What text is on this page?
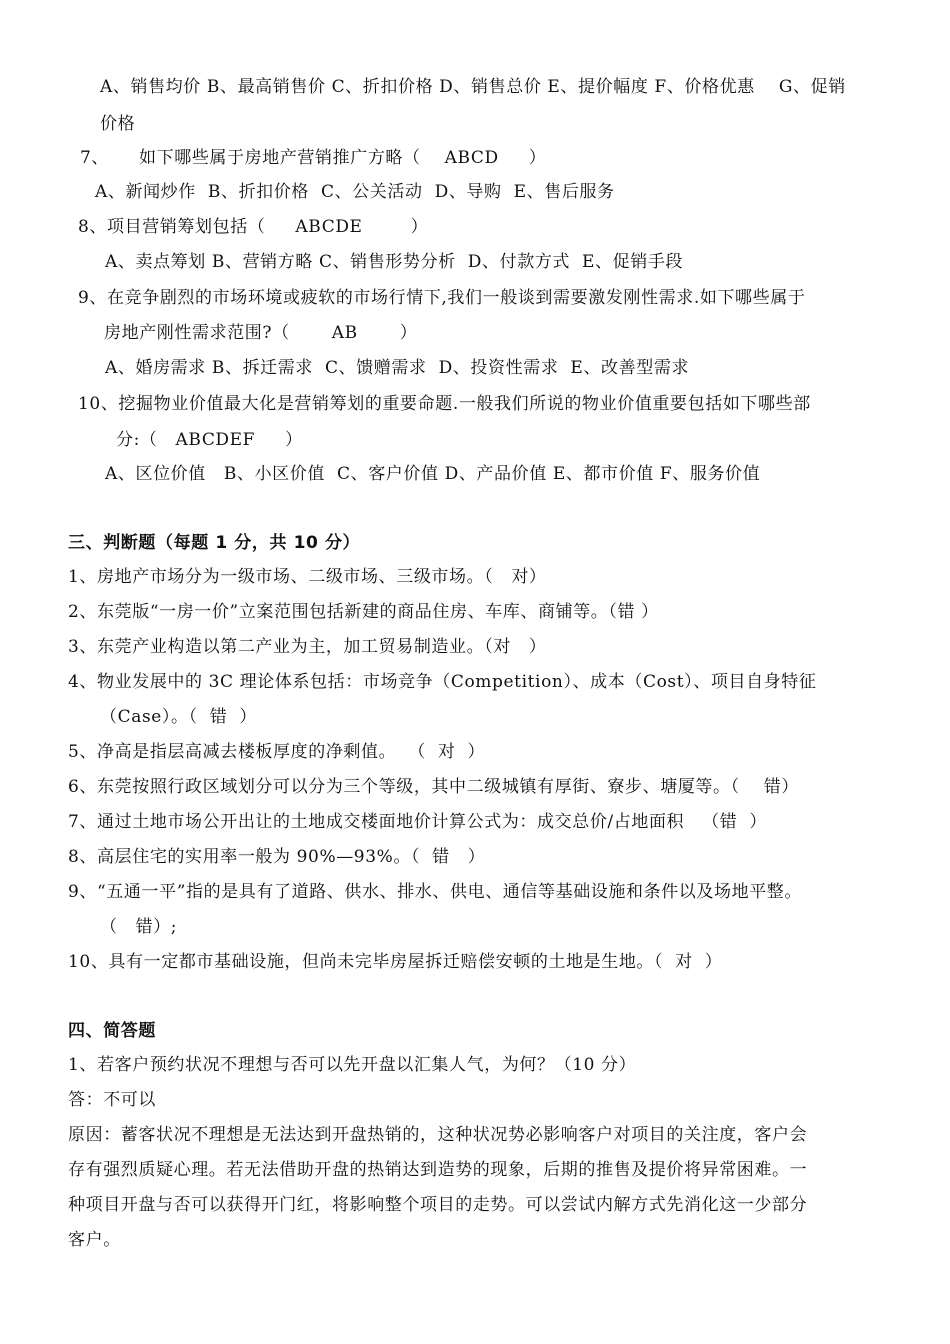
A、销售均价 B、最高销售价 C、折扣价格 D、销售总价 E、提价幅度 F、价格优惠    G、促销
价格
7、     如下哪些属于房地产营销推广方略（    ABCD     ）
A、新闻炒作  B、折扣价格  C、公关活动  D、导购  E、售后服务
8、项目营销筹划包括（     ABCDE        ）
A、卖点筹划 B、营销方略 C、销售形势分析  D、付款方式  E、促销手段
9、在竞争剧烈的市场环境或疲软的市场行情下,我们一般谈到需要激发刚性需求.如下哪些属于
房地产刚性需求范围?（       AB       ）
A、婚房需求 B、拆迁需求  C、馈赠需求  D、投资性需求  E、改善型需求
10、挖掘物业价值最大化是营销筹划的重要命题.一般我们所说的物业价值重要包括如下哪些部
分:（   ABCDEF     ）
A、区位价值   B、小区价值  C、客户价值 D、产品价值 E、都市价值 F、服务价值
三、判断题（每题 1 分，共 10 分）
1、房地产市场分为一级市场、二级市场、三级市场。（   对）
2、东莞版“一房一价”立案范围包括新建的商品住房、车库、商铺等。（错 ）
3、东莞产业构造以第二产业为主，加工贸易制造业。（对   ）
4、物业发展中的 3C 理论体系包括：市场竞争（Competition）、成本（Cost）、项目自身特征
（Case）。（  错  ）
5、净高是指层高减去楼板厚度的净剩值。  （  对  ）
6、东莞按照行政区域划分可以分为三个等级，其中二级城镇有厚街、寮步、塘厦等。（    错）
7、通过土地市场公开出让的土地成交楼面地价计算公式为：成交总价/占地面积   （错  ）
8、高层住宅的实用率一般为 90%—93%。（  错   ）
9、“五通一平”指的是具有了道路、供水、排水、供电、通信等基础设施和条件以及场地平整。
（   错）;
10、具有一定都市基础设施，但尚未完毕房屋拆迁赔偿安顿的土地是生地。（  对  ）
四、简答题
1、若客户预约状况不理想与否可以先开盘以汇集人气，为何？（10 分）
答：不可以
原因：蓄客状况不理想是无法达到开盘热销的，这种状况势必影响客户对项目的关注度，客户会
存有强烈质疑心理。若无法借助开盘的热销达到造势的现象，后期的推售及提价将异常困难。一
种项目开盘与否可以获得开门红，将影响整个项目的走势。可以尝试内解方式先消化这一少部分
客户。
